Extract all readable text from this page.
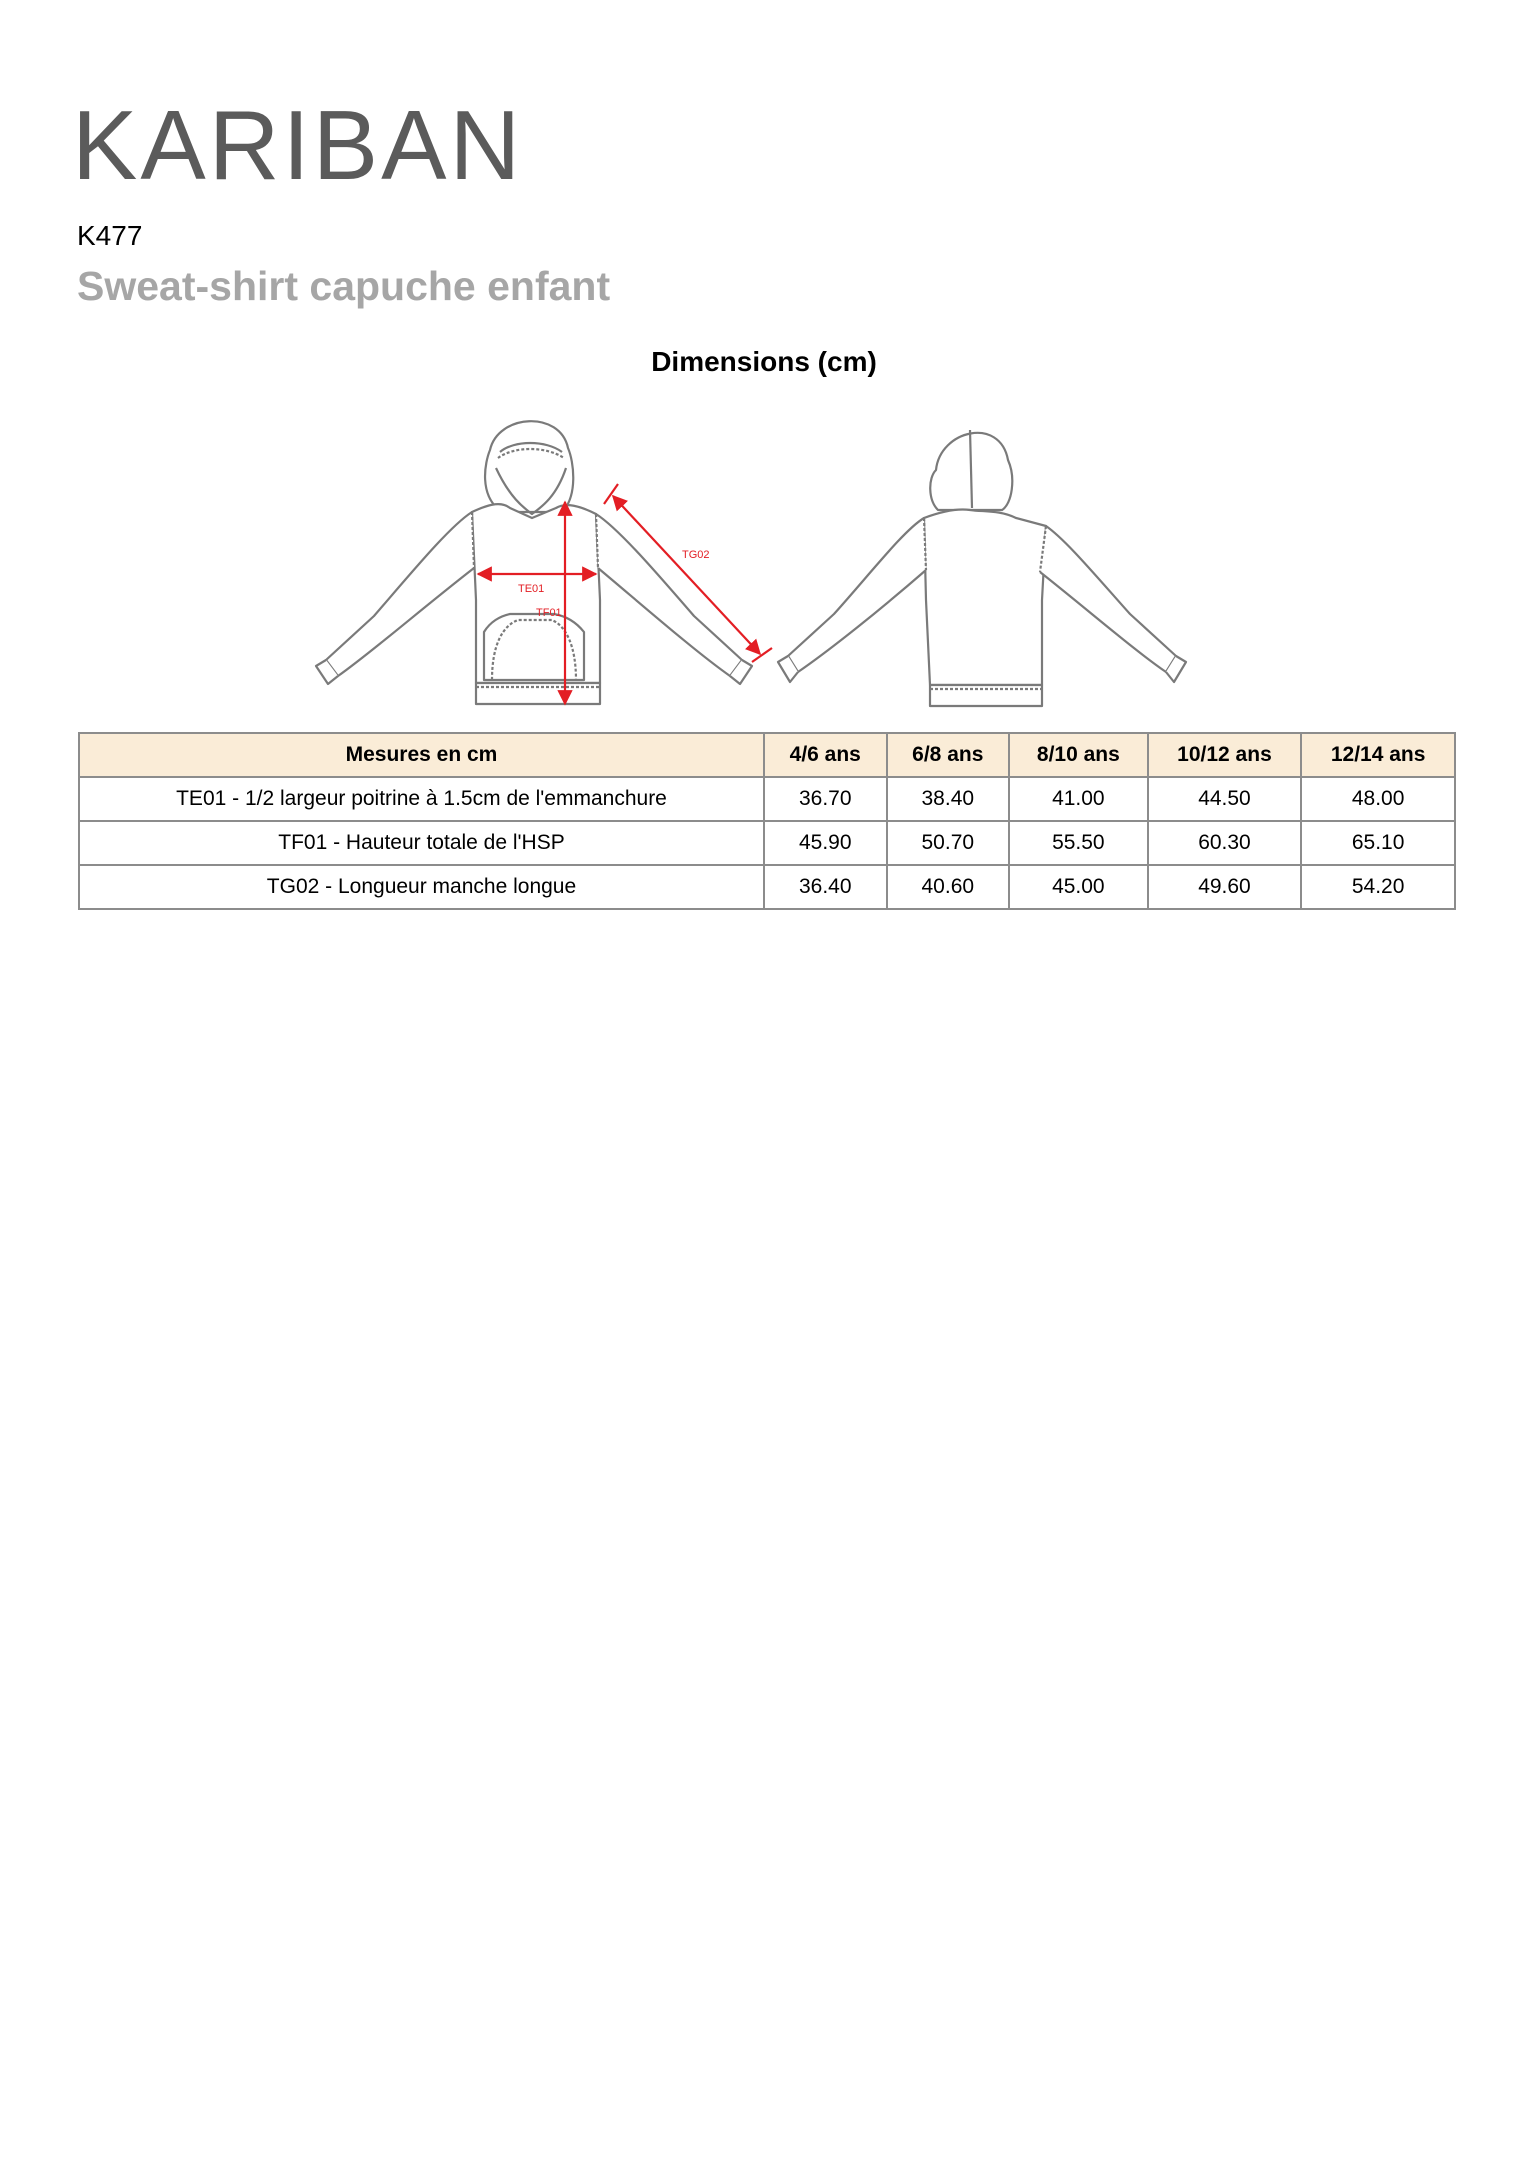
KARIBAN
K477
Sweat-shirt capuche enfant
Dimensions (cm)
TE01
TF01
TG02
Mesures en cm	4/6 ans	6/8 ans	8/10 ans	10/12 ans	12/14 ans
TE01 - 1/2 largeur poitrine à 1.5cm de l'emmanchure	36.70	38.40	41.00	44.50	48.00
TF01 - Hauteur totale de l'HSP	45.90	50.70	55.50	60.30	65.10
TG02 - Longueur manche longue	36.40	40.60	45.00	49.60	54.20
